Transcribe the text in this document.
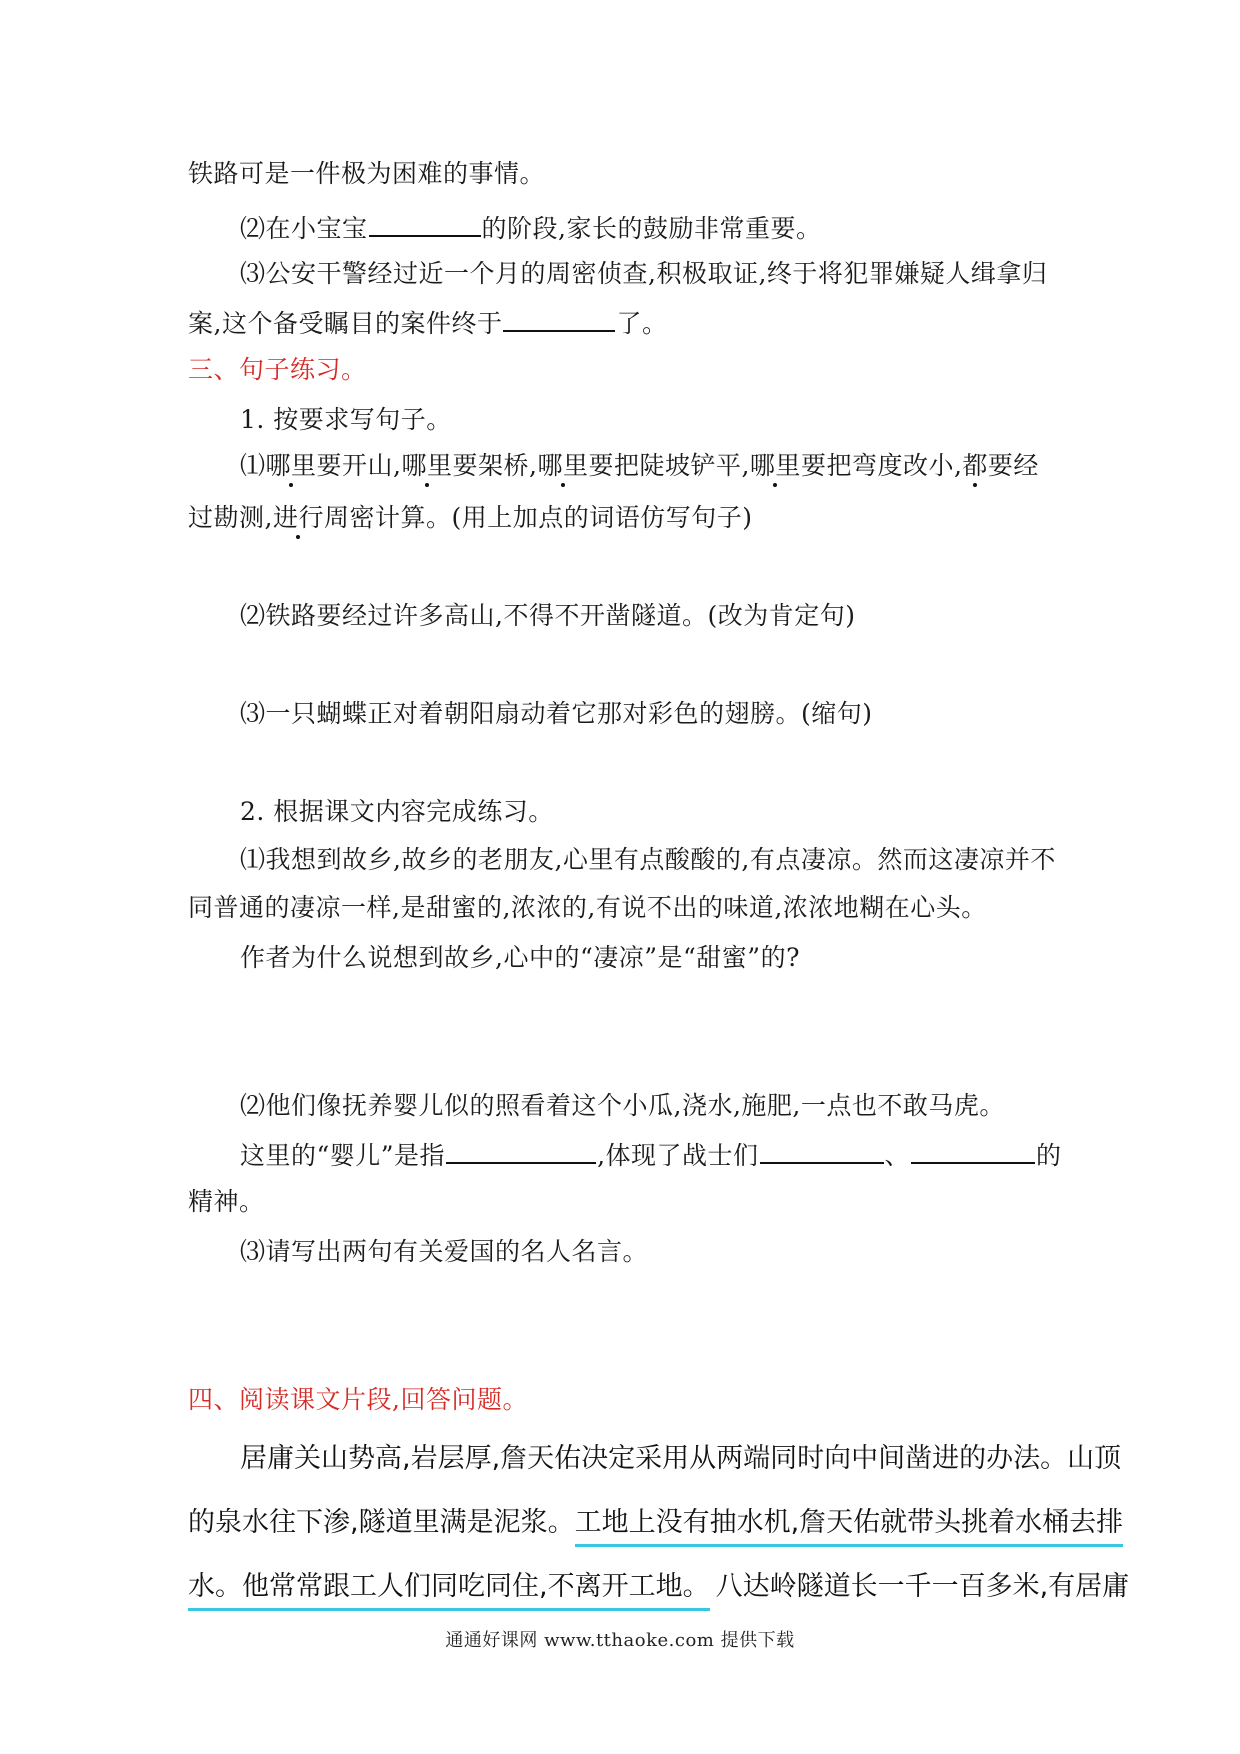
铁路可是一件极为困难的事情。
⑵在小宝宝	的阶段,家长的鼓励非常重要。
⑶公安干警经过近一个月的周密侦查,积极取证,终于将犯罪嫌疑人缉拿归
案,这个备受瞩目的案件终于	了。
三、句子练习。
1. 按要求写句子。
⑴哪里要开山,哪里要架桥,哪里要把陡坡铲平,哪里要把弯度改小,都要经
过勘测,进行周密计算。(用上加点的词语仿写句子)
⑵铁路要经过许多高山,不得不开凿隧道。(改为肯定句)
⑶一只蝴蝶正对着朝阳扇动着它那对彩色的翅膀。(缩句)
2. 根据课文内容完成练习。
⑴我想到故乡,故乡的老朋友,心里有点酸酸的,有点凄凉。然而这凄凉并不
同普通的凄凉一样,是甜蜜的,浓浓的,有说不出的味道,浓浓地糊在心头。
作者为什么说想到故乡,心中的“凄凉”是“甜蜜”的?
⑵他们像抚养婴儿似的照看着这个小瓜,浇水,施肥,一点也不敢马虎。
这里的“婴儿”是指	,体现了战士们	、	的
精神。
⑶请写出两句有关爱国的名人名言。
四、阅读课文片段,回答问题。
居庸关山势高,岩层厚,詹天佑决定采用从两端同时向中间凿进的办法。山顶
的泉水往下渗,隧道里满是泥浆。工地上没有抽水机,詹天佑就带头挑着水桶去排
水。他常常跟工人们同吃同住,不离开工地。 八达岭隧道长一千一百多米,有居庸
通通好课网 www.tthaoke.com 提供下载
